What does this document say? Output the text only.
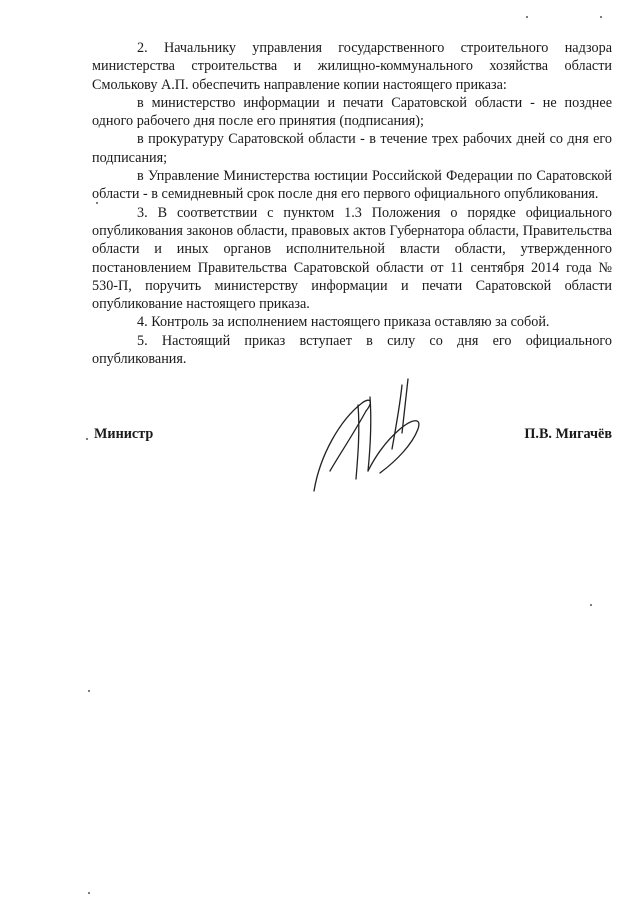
2. Начальнику управления государственного строительного надзора министерства строительства и жилищно-коммунального хозяйства области Смолькову А.П. обеспечить направление копии настоящего приказа:

в министерство информации и печати Саратовской области - не позднее одного рабочего дня после его принятия (подписания);

в прокуратуру Саратовской области - в течение трех рабочих дней со дня его подписания;

в Управление Министерства юстиции Российской Федерации по Саратовской области - в семидневный срок после дня его первого официального опубликования.

3. В соответствии с пунктом 1.3 Положения о порядке официального опубликования законов области, правовых актов Губернатора области, Правительства области и иных органов исполнительной власти области, утвержденного постановлением Правительства Саратовской области от 11 сентября 2014 года № 530-П, поручить министерству информации и печати Саратовской области опубликование настоящего приказа.

4. Контроль за исполнением настоящего приказа оставляю за собой.

5. Настоящий приказ вступает в силу со дня его официального опубликования.

Министр	П.В. Мигачёв
